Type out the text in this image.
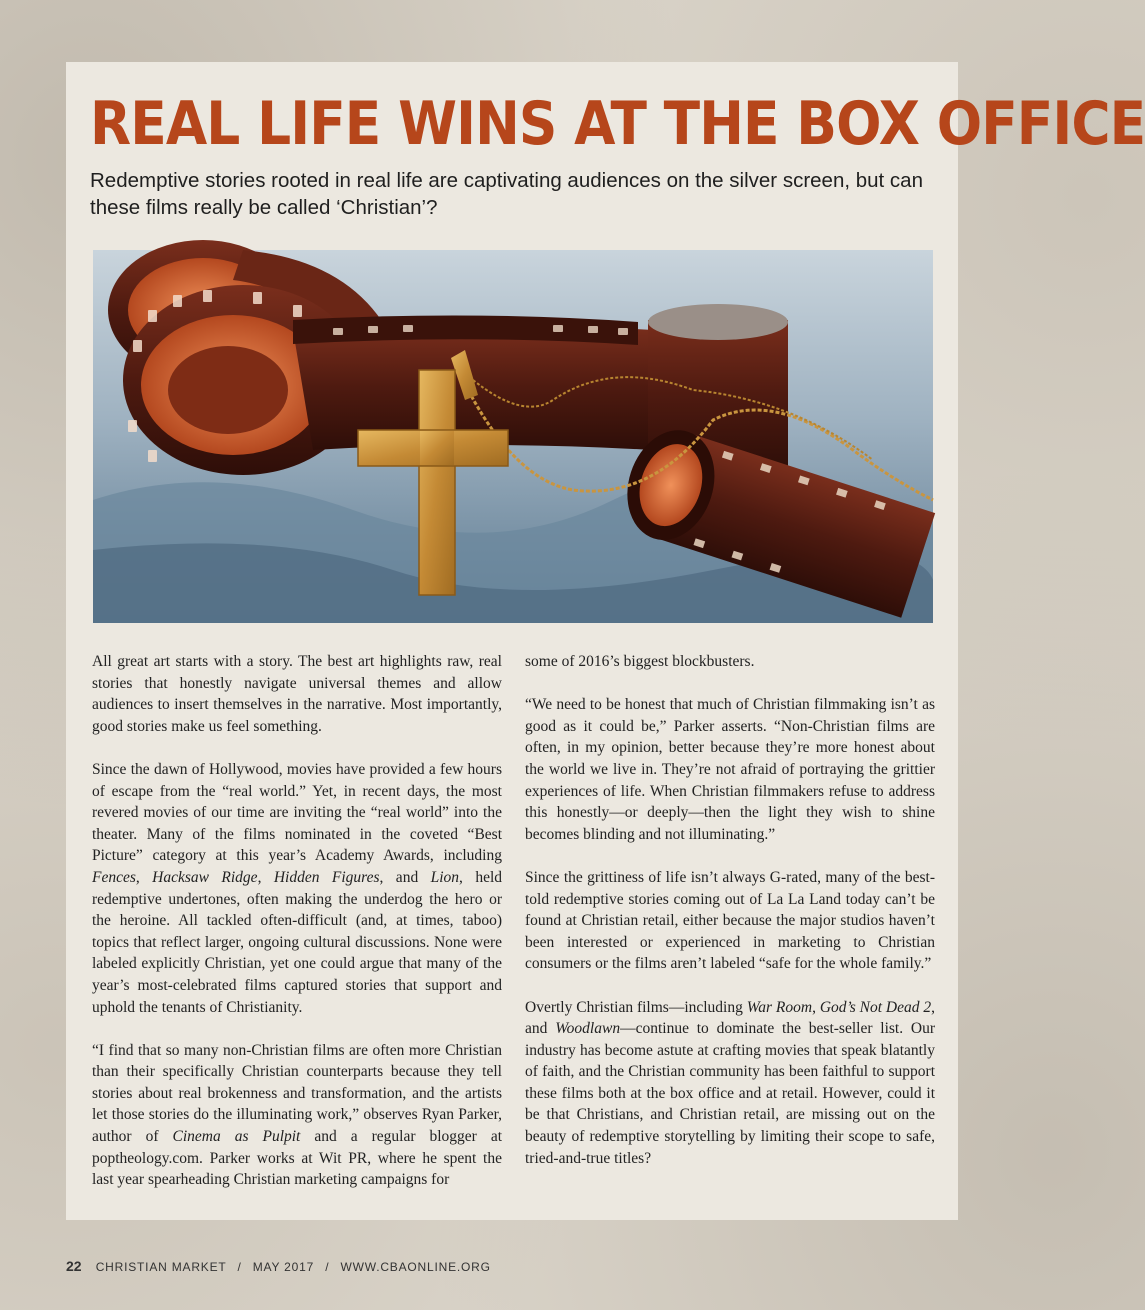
REAL LIFE WINS AT THE BOX OFFICE
Redemptive stories rooted in real life are captivating audiences on the silver screen, but can these films really be called ‘Christian’?

All great art starts with a story. The best art highlights raw, real stories that honestly navigate universal themes and allow audiences to insert themselves in the narrative. Most importantly, good stories make us feel something.

Since the dawn of Hollywood, movies have provided a few hours of escape from the “real world.” Yet, in recent days, the most revered movies of our time are inviting the “real world” into the theater. Many of the films nominated in the coveted “Best Picture” category at this year’s Academy Awards, including Fences, Hacksaw Ridge, Hidden Figures, and Lion, held redemptive undertones, often making the underdog the hero or the heroine. All tackled often-difficult (and, at times, taboo) topics that reflect larger, ongoing cultural discussions. None were labeled explicitly Christian, yet one could argue that many of the year’s most-celebrated films captured stories that support and uphold the tenants of Christianity.

“I find that so many non-Christian films are often more Christian than their specifically Christian counterparts because they tell stories about real brokenness and transformation, and the artists let those stories do the illuminating work,” observes Ryan Parker, author of Cinema as Pulpit and a regular blogger at poptheology.com. Parker works at Wit PR, where he spent the last year spearheading Christian marketing campaigns for

some of 2016’s biggest blockbusters.

“We need to be honest that much of Christian filmmaking isn’t as good as it could be,” Parker asserts. “Non-Christian films are often, in my opinion, better because they’re more honest about the world we live in. They’re not afraid of portraying the grittier experiences of life. When Christian filmmakers refuse to address this honestly—or deeply—then the light they wish to shine becomes blinding and not illuminating.”

Since the grittiness of life isn’t always G-rated, many of the best-told redemptive stories coming out of La La Land today can’t be found at Christian retail, either because the major studios haven’t been interested or experienced in marketing to Christian consumers or the films aren’t labeled “safe for the whole family.”

Overtly Christian films—including War Room, God’s Not Dead 2, and Woodlawn—continue to dominate the best-seller list. Our industry has become astute at crafting movies that speak blatantly of faith, and the Christian community has been faithful to support these films both at the box office and at retail. However, could it be that Christians, and Christian retail, are missing out on the beauty of redemptive storytelling by limiting their scope to safe, tried-and-true titles?

22 CHRISTIAN MARKET / MAY 2017 / WWW.CBAONLINE.ORG
